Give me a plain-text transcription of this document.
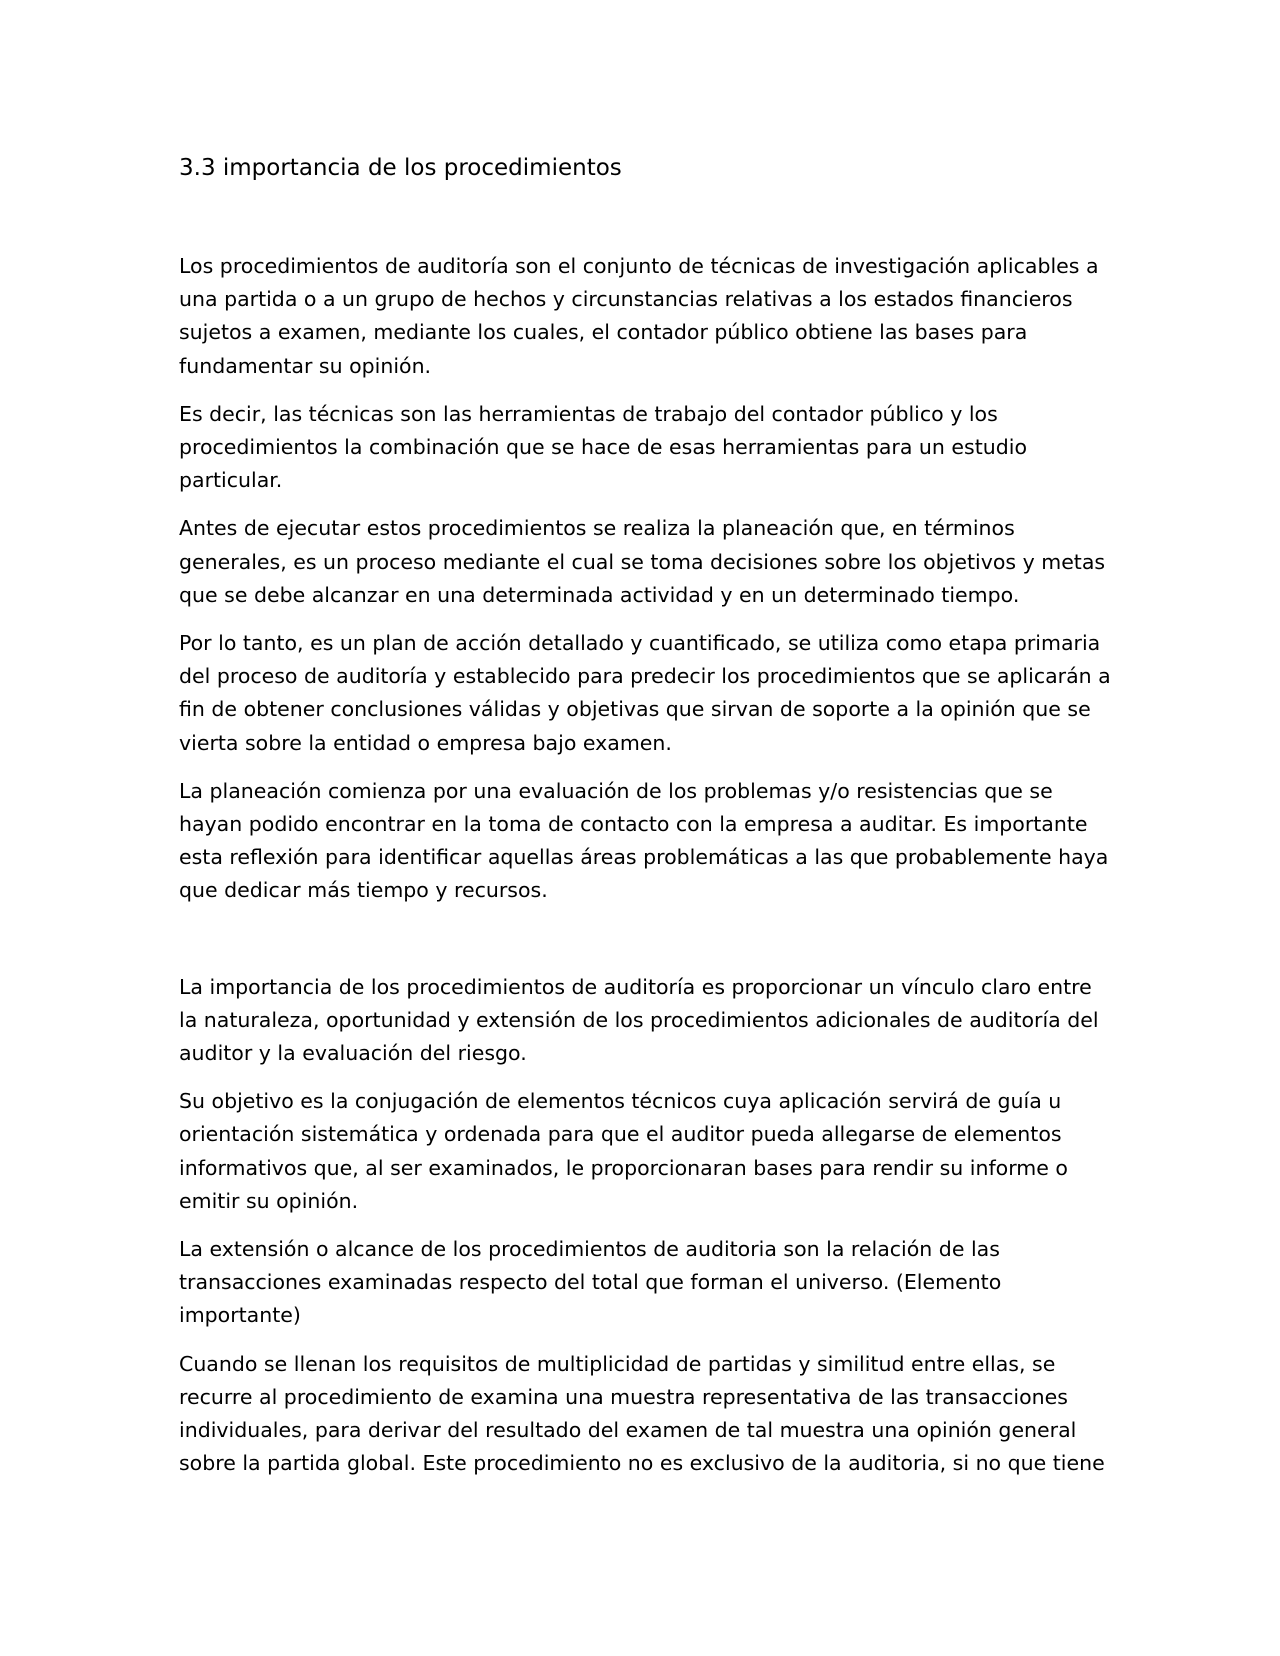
3.3 importancia de los procedimientos

Los procedimientos de auditoría son el conjunto de técnicas de investigación aplicables a
una partida o a un grupo de hechos y circunstancias relativas a los estados financieros
sujetos a examen, mediante los cuales, el contador público obtiene las bases para
fundamentar su opinión.

Es decir, las técnicas son las herramientas de trabajo del contador público y los
procedimientos la combinación que se hace de esas herramientas para un estudio
particular.

Antes de ejecutar estos procedimientos se realiza la planeación que, en términos
generales, es un proceso mediante el cual se toma decisiones sobre los objetivos y metas
que se debe alcanzar en una determinada actividad y en un determinado tiempo.

Por lo tanto, es un plan de acción detallado y cuantificado, se utiliza como etapa primaria
del proceso de auditoría y establecido para predecir los procedimientos que se aplicarán a
fin de obtener conclusiones válidas y objetivas que sirvan de soporte a la opinión que se
vierta sobre la entidad o empresa bajo examen.

La planeación comienza por una evaluación de los problemas y/o resistencias que se
hayan podido encontrar en la toma de contacto con la empresa a auditar. Es importante
esta reflexión para identificar aquellas áreas problemáticas a las que probablemente haya
que dedicar más tiempo y recursos.

La importancia de los procedimientos de auditoría es proporcionar un vínculo claro entre
la naturaleza, oportunidad y extensión de los procedimientos adicionales de auditoría del
auditor y la evaluación del riesgo.

Su objetivo es la conjugación de elementos técnicos cuya aplicación servirá de guía u
orientación sistemática y ordenada para que el auditor pueda allegarse de elementos
informativos que, al ser examinados, le proporcionaran bases para rendir su informe o
emitir su opinión.

La extensión o alcance de los procedimientos de auditoria son la relación de las
transacciones examinadas respecto del total que forman el universo. (Elemento
importante)

Cuando se llenan los requisitos de multiplicidad de partidas y similitud entre ellas, se
recurre al procedimiento de examina una muestra representativa de las transacciones
individuales, para derivar del resultado del examen de tal muestra una opinión general
sobre la partida global. Este procedimiento no es exclusivo de la auditoria, si no que tiene
